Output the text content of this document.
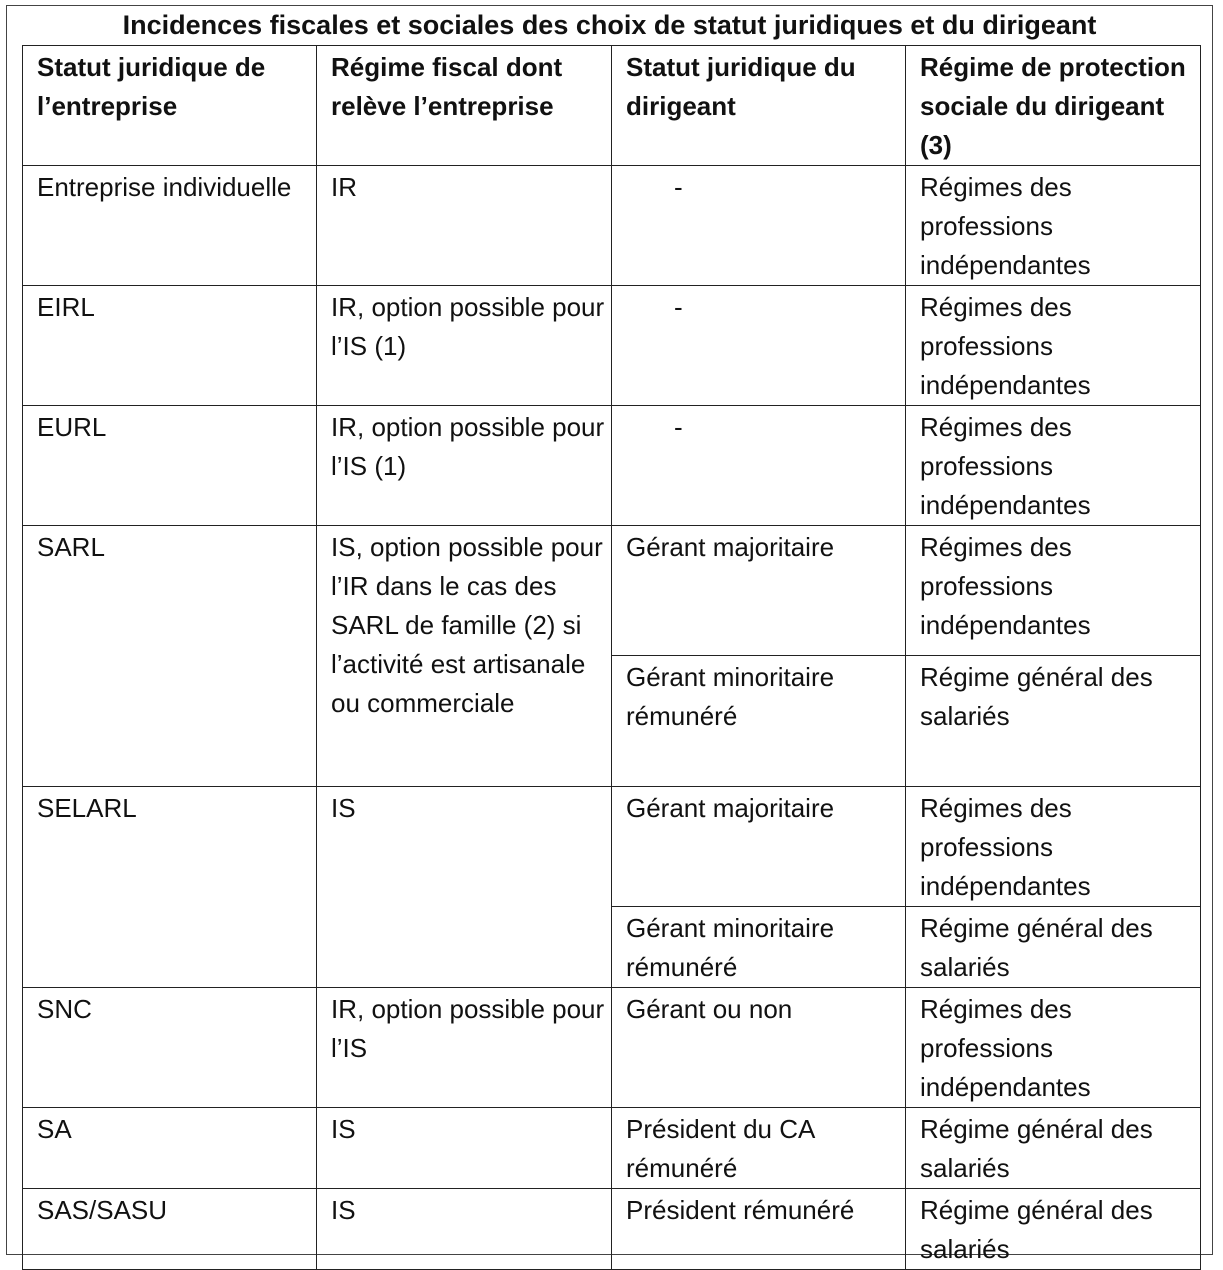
Incidences fiscales et sociales des choix de statut juridiques et du dirigeant
Statut juridique de l’entreprise	Régime fiscal dont relève l’entreprise	Statut juridique du dirigeant	Régime de protection sociale du dirigeant (3)
Entreprise individuelle	IR	-	Régimes des professions indépendantes
EIRL	IR, option possible pour l’IS (1)	-	Régimes des professions indépendantes
EURL	IR, option possible pour l’IS (1)	-	Régimes des professions indépendantes
SARL	IS, option possible pour l’IR dans le cas des SARL de famille (2) si l’activité est artisanale ou commerciale	Gérant majoritaire	Régimes des professions indépendantes
		Gérant minoritaire rémunéré	Régime général des salariés
SELARL	IS	Gérant majoritaire	Régimes des professions indépendantes
		Gérant minoritaire rémunéré	Régime général des salariés
SNC	IR, option possible pour l’IS	Gérant ou non	Régimes des professions indépendantes
SA	IS	Président du CA rémunéré	Régime général des salariés
SAS/SASU	IS	Président rémunéré	Régime général des salariés
